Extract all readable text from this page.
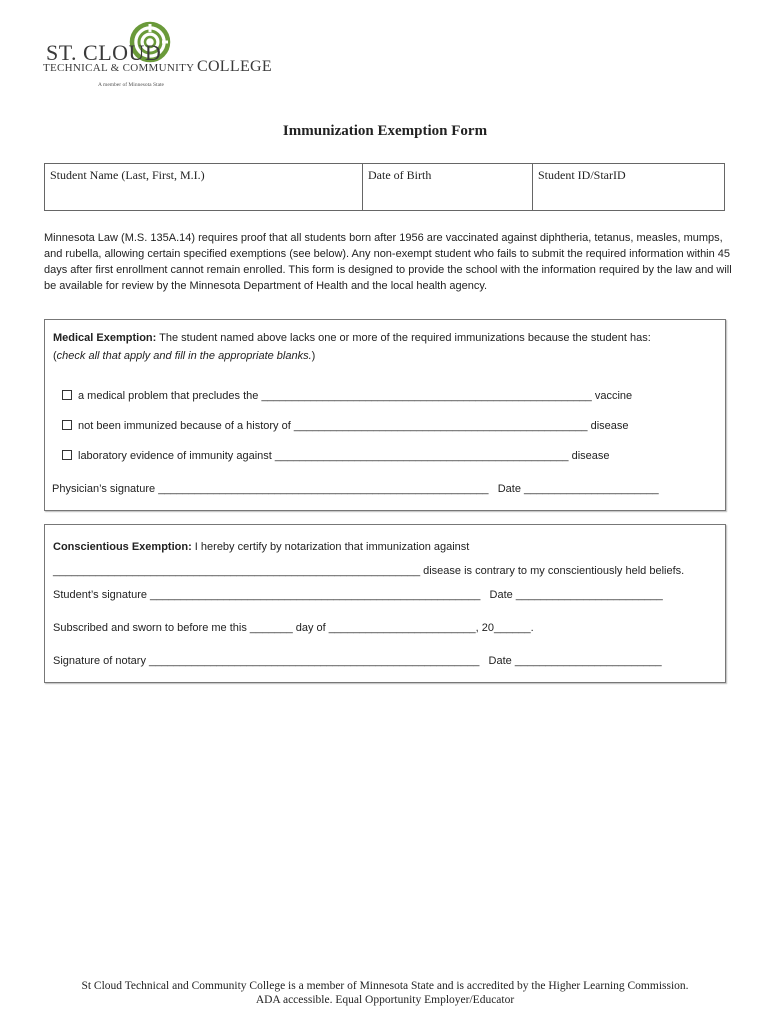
ST. CLOUD
TECHNICAL & COMMUNITY COLLEGE
A member of Minnesota State
Immunization Exemption Form
Student Name (Last, First, M.I.)	Date of Birth	Student ID/StarID
Minnesota Law (M.S. 135A.14) requires proof that all students born after 1956 are vaccinated against diphtheria, tetanus, measles, mumps, and rubella, allowing certain specified exemptions (see below). Any non-exempt student who fails to submit the required information within 45 days after first enrollment cannot remain enrolled. This form is designed to provide the school with the information required by the law and will be available for review by the Minnesota Department of Health and the local health agency.
Medical Exemption: The student named above lacks one or more of the required immunizations because the student has:
(check all that apply and fill in the appropriate blanks.)
a medical problem that precludes the ______________________________________________________ vaccine
not been immunized because of a history of ________________________________________________ disease
laboratory evidence of immunity against ________________________________________________ disease
Physician’s signature ______________________________________________________   Date ______________________
Conscientious Exemption: I hereby certify by notarization that immunization against
____________________________________________________________ disease is contrary to my conscientiously held beliefs.
Student’s signature ______________________________________________________   Date ________________________
Subscribed and sworn to before me this _______ day of ________________________, 20______.
Signature of notary ______________________________________________________   Date ________________________
St Cloud Technical and Community College is a member of Minnesota State and is accredited by the Higher Learning Commission.
ADA accessible. Equal Opportunity Employer/Educator
